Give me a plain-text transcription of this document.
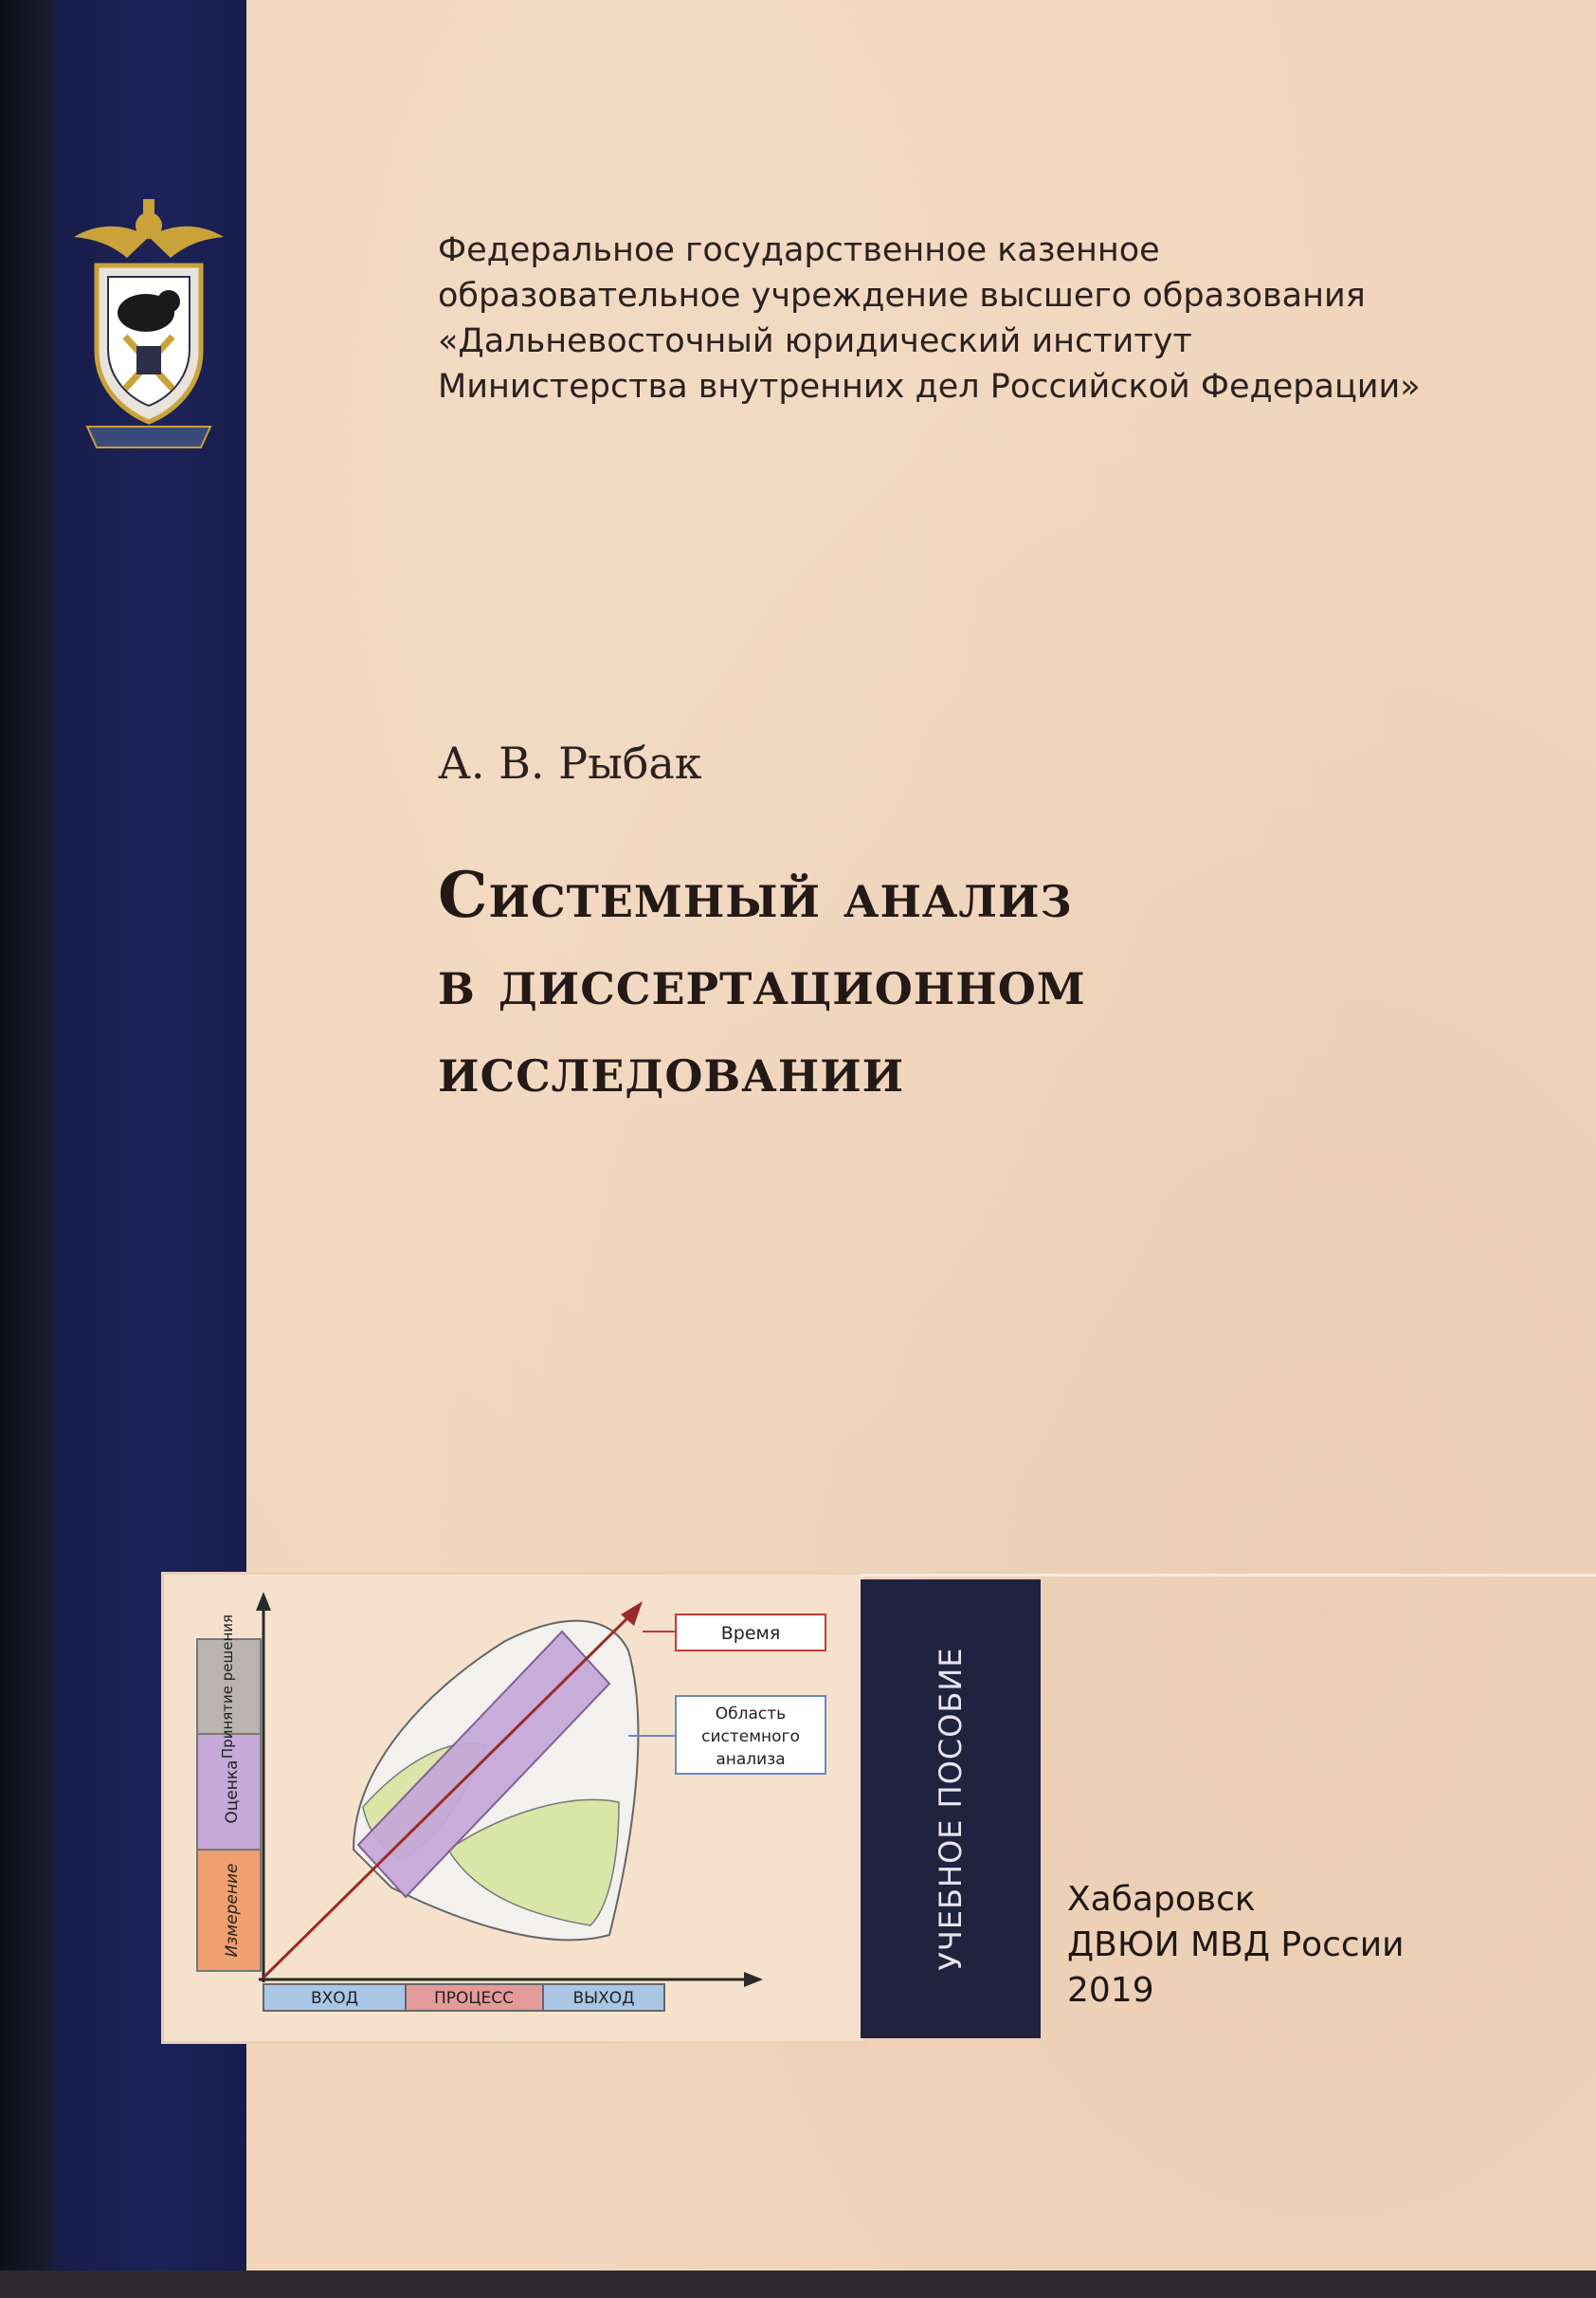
Федеральное государственное казенное
образовательное учреждение высшего образования
«Дальневосточный юридический институт
Министерства внутренних дел Российской Федерации»
А. В. Рыбак
Системный анализ
в диссертационном
исследовании
Измерение
Оценка
Принятие решения
ВХОД	ПРОЦЕСС	ВЫХОД
Время
Область
системного
анализа	УЧЕБНОЕ ПОСОБИЕ	Хабаровск
ДВЮИ МВД России
2019
